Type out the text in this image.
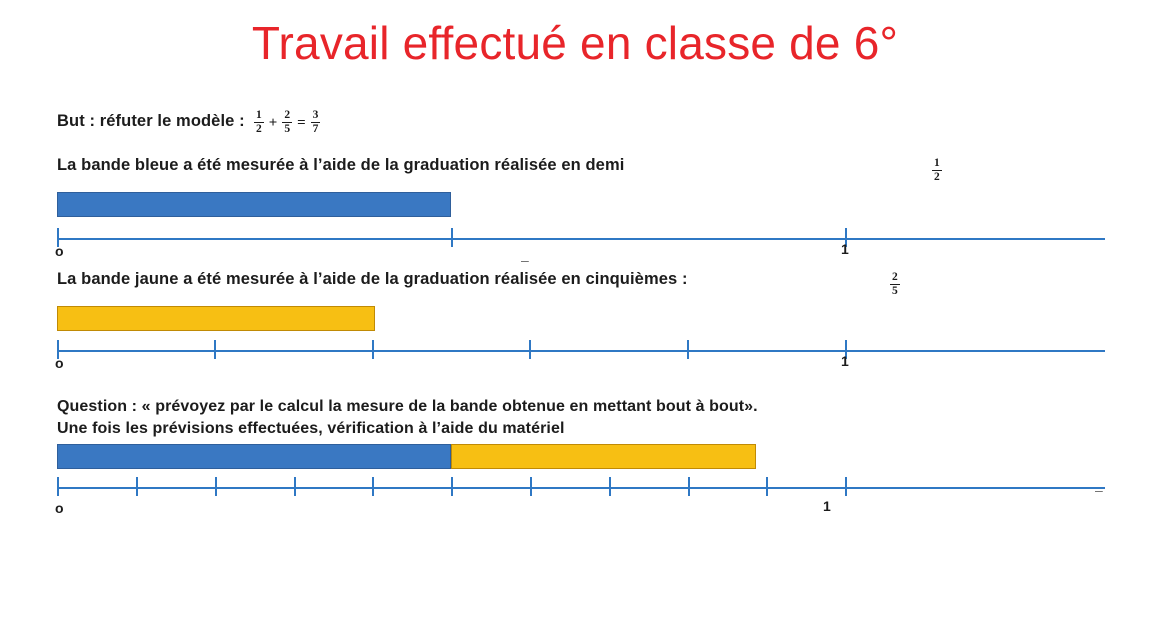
Travail effectué en classe de 6°
But : réfuter le modèle : $\frac{1}{2} + \frac{2}{5} = \frac{3}{7}$
La bande bleue a été mesurée à l’aide de la graduation réalisée en demi	$\frac{1}{2}$
o	1
–
La bande jaune a été mesurée à l’aide de la graduation réalisée en cinquièmes :	$\frac{2}{5}$
o	1
Question : « prévoyez par le calcul la mesure de la bande obtenue en mettant bout à bout».
Une fois les prévisions effectuées, vérification à l’aide du matériel
o	1
–
